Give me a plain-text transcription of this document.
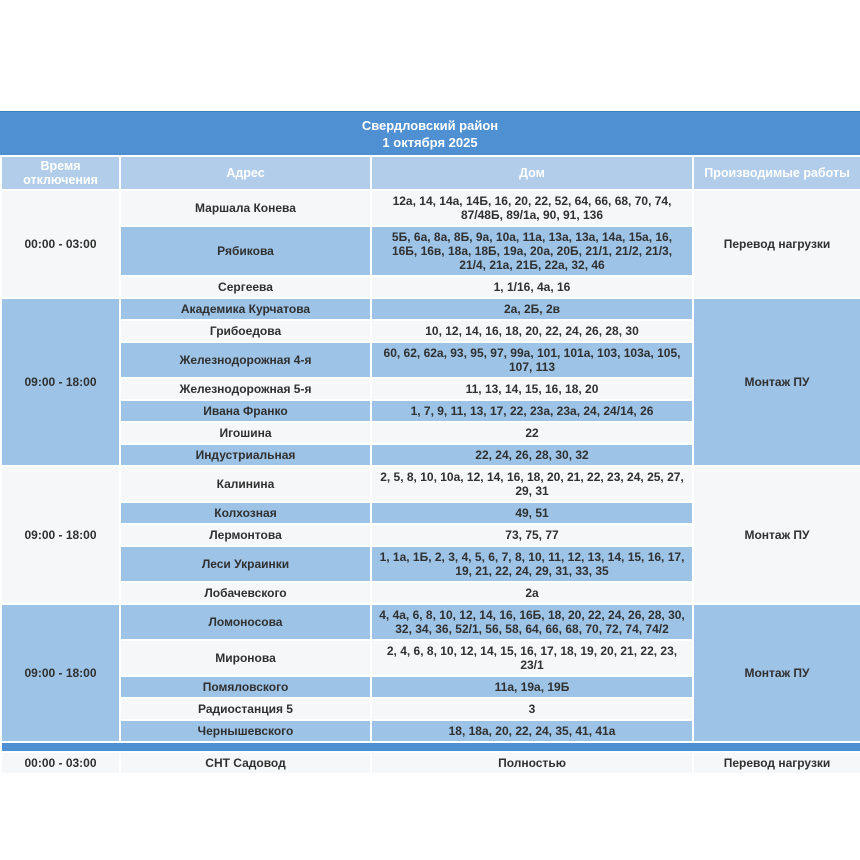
Свердловский район
1 октября 2025
Время отключения	Адрес	Дом	Производимые работы
00:00 - 03:00	Маршала Конева	12а, 14, 14а, 14Б, 16, 20, 22, 52, 64, 66, 68, 70, 74, 87/48Б, 89/1а, 90, 91, 136	Перевод нагрузки
	Рябикова	5Б, 6а, 8а, 8Б, 9а, 10а, 11а, 13а, 13а, 14а, 15а, 16, 16Б, 16в, 18а, 18Б, 19а, 20а, 20Б, 21/1, 21/2, 21/3, 21/4, 21а, 21Б, 22а, 32, 46	
	Сергеева	1, 1/16, 4а, 16	
09:00 - 18:00	Академика Курчатова	2а, 2Б, 2в	Монтаж ПУ
	Грибоедова	10, 12, 14, 16, 18, 20, 22, 24, 26, 28, 30	
	Железнодорожная 4-я	60, 62, 62а, 93, 95, 97, 99а, 101, 101а, 103, 103а, 105, 107, 113	
	Железнодорожная 5-я	11, 13, 14, 15, 16, 18, 20	
	Ивана Франко	1, 7, 9, 11, 13, 17, 22, 23а, 23а, 24, 24/14, 26	
	Игошина	22	
	Индустриальная	22, 24, 26, 28, 30, 32	
09:00 - 18:00	Калинина	2, 5, 8, 10, 10а, 12, 14, 16, 18, 20, 21, 22, 23, 24, 25, 27, 29, 31	Монтаж ПУ
	Колхозная	49, 51	
	Лермонтова	73, 75, 77	
	Леси Украинки	1, 1а, 1Б, 2, 3, 4, 5, 6, 7, 8, 10, 11, 12, 13, 14, 15, 16, 17, 19, 21, 22, 24, 29, 31, 33, 35	
	Лобачевского	2а	
09:00 - 18:00	Ломоносова	4, 4а, 6, 8, 10, 12, 14, 16, 16Б, 18, 20, 22, 24, 26, 28, 30, 32, 34, 36, 52/1, 56, 58, 64, 66, 68, 70, 72, 74, 74/2	Монтаж ПУ
	Миронова	2, 4, 6, 8, 10, 12, 14, 15, 16, 17, 18, 19, 20, 21, 22, 23, 23/1	
	Помяловского	11а, 19а, 19Б	
	Радиостанция 5	3	
	Чернышевского	18, 18а, 20, 22, 24, 35, 41, 41а	

00:00 - 03:00	СНТ Садовод	Полностью	Перевод нагрузки
